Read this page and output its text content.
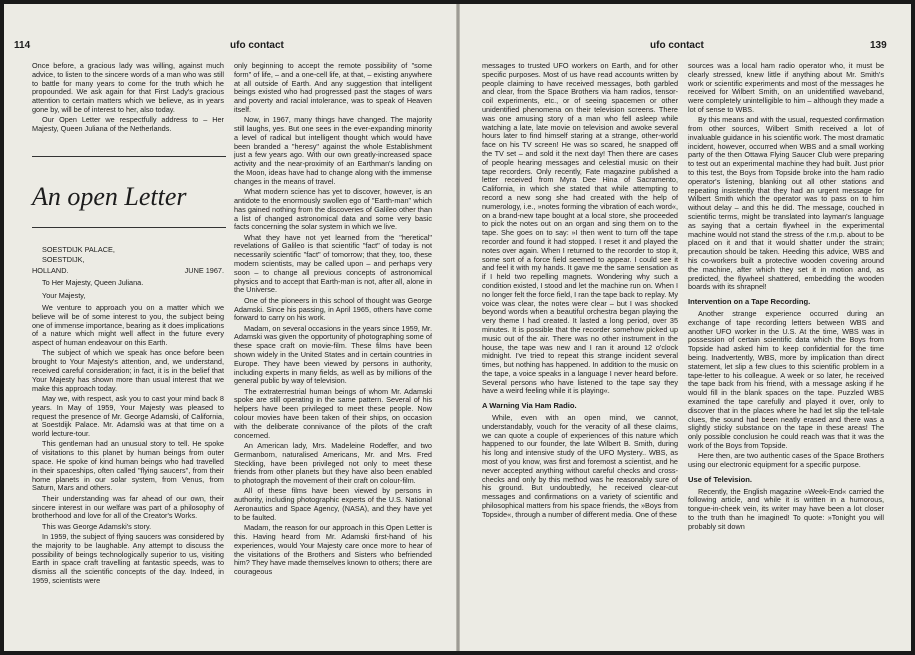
114	ufo contact

Once before, a gracious lady was willing, against much advice, to listen to the sincere words of a man who was still to battle for many years to come for the truth which he propounded. We ask again for that First Lady's gracious attention to certain matters which we believe, as in years gone by, will be of interest to her, also today.

Our Open Letter we respectfully address to – Her Majesty, Queen Juliana of the Netherlands.

An open Letter

SOESTDIJK PALACE,

SOESTDIJK,

HOLLAND.	JUNE 1967.

To Her Majesty, Queen Juliana.

Your Majesty,

We venture to approach you on a matter which we believe will be of some interest to you, the subject being one of immense importance, bearing as it does implications of a nature which might well affect in the future every aspect of human endeavour on this Earth.

The subject of which we speak has once before been brought to Your Majesty's attention, and, we understand, received careful consideration; in fact, it is in the belief that Your Majesty has shown more than usual interest that we make this approach today.

May we, with respect, ask you to cast your mind back 8 years. In May of 1959, Your Majesty was pleased to request the presence of Mr. George Adamski, of California, at Soestdijk Palace. Mr. Adamski was at that time on a world lecture-tour.

This gentleman had an unusual story to tell. He spoke of visitations to this planet by human beings from outer space. He spoke of kind human beings who had travelled in their spaceships, often called "flying saucers", from their home planets in our solar system, from Venus, from Saturn, Mars and others.

Their understanding was far ahead of our own, their sincere interest in our welfare was part of a philosophy of brotherhood and love for all of the Creator's Works.

This was George Adamski's story.

In 1959, the subject of flying saucers was considered by the majority to be laughable. Any attempt to discuss the possibility of beings technologically superior to us, visiting Earth in space craft travelling at fantastic speeds, was to dismiss all the scientific concepts of the day. Indeed, in 1959, scientists were

only beginning to accept the remote possibility of "some form" of life, – and a one-cell life, at that, – existing anywhere at all outside of Earth. And any suggestion that intelligent beings existed who had progressed past the stages of wars and poverty and racial intolerance, was to speak of Heaven itself.

Now, in 1967, many things have changed. The majority still laughs, yes. But one sees in the ever-expanding minority a level of radical but intelligent thought which would have been branded a "heresy" against the whole Establishment just a few years ago. With our own greatly-increased space activity and the near-proximity of an Earthman's landing on the Moon, ideas have had to change along with the immense changes in the means of travel.

What modern science has yet to discover, however, is an antidote to the enormously swollen ego of "Earth-man" which has gained nothing from the discoveries of Galileo other than a list of changed astronomical data and some very basic facts concerning the solar system in which we live.

What they have not yet learned from the "heretical" revelations of Galileo is that scientific "fact" of today is not necessarily scientific "fact" of tomorrow; that they, too, these modern scientists, may be called upon – and perhaps very soon – to change all previous concepts of astronomical physics and to accept that Earth-man is not, after all, alone in the Universe.

One of the pioneers in this school of thought was George Adamski. Since his passing, in April 1965, others have come forward to carry on his work.

Madam, on several occasions in the years since 1959, Mr. Adamski was given the opportunity of photographing some of these space craft on movie-film. These films have been shown widely in the United States and in certain countries in Europe. They have been viewed by persons in authority, including experts in many fields, as well as by millions of the general public by way of television.

The extraterrestrial human beings of whom Mr. Adamski spoke are still operating in the same pattern. Several of his helpers have been privileged to meet these people. Now colour movies have been taken of their ships, on occasion with the deliberate connivance of the pilots of the craft concerned.

An American lady, Mrs. Madeleine Rodeffer, and two Germanborn, naturalised Americans, Mr. and Mrs. Fred Steckling, have been privileged not only to meet these friends from other planets but they have also been enabled to photograph the movement of their craft on colour-film.

All of these films have been viewed by persons in authority, including photographic experts of the U.S. National Aeronautics and Space Agency, (NASA), and they have yet to be faulted.

Madam, the reason for our approach in this Open Letter is this. Having heard from Mr. Adamski first-hand of his experiences, would Your Majesty care once more to hear of the visitations of the Brothers and Sisters who befriended him? They have made themselves known to others; there are courageous

ufo contact	139

messages to trusted UFO workers on Earth, and for other specific purposes. Most of us have read accounts written by people claiming to have received messages, both garbled and clear, from the Space Brothers via ham radios, tensor-coil experiments, etc., or of seeing spacemen or other unidentified phenomena on their television screens. There was one amusing story of a man who fell asleep while watching a late, late movie on television and awoke several hours later to find himself staring at a strange, other-world face on his TV screen! He was so scared, he snapped off the TV set – and sold it the next day! Then there are cases of people hearing messages and celestial music on their tape recorders. Only recently, Fate magazine published a letter received from Myra Dee Hina of Sacramento, California, in which she stated that while attempting to record a new song she had created with the help of numerology, i.e., »notes forming the vibration of each word«, on a brand-new tape bought at a local store, she proceeded to pick the notes out on an organ and sing them on to the tape. She goes on to say: »I then went to turn off the tape recorder and found it had stopped. I reset it and played the notes over again. When I returned to the recorder to stop it, some sort of a force field seemed to appear. I could see it and feel it with my hands. It gave me the same sensation as if I held two repelling magnets. Wondering why such a condition existed, I stood and let the machine run on. When I no longer felt the force field, I ran the tape back to replay. My voice was clear, the notes were clear – but I was shocked beyond words when a beautiful orchestra began playing the very theme I had created. It lasted a long period, over 35 minutes. It is possible that the recorder somehow picked up music out of the air. There was no other instrument in the house, the tape was new and I ran it around 12 o'clock midnight. I've tried to repeat this strange incident several times, but nothing has happened. In addition to the music on the tape, a voice speaks in a language I never heard before. Several persons who have listened to the tape say they have a weird feeling while it is playing«.

A Warning Via Ham Radio.

While, even with an open mind, we cannot, understandably, vouch for the veracity of all these claims, we can quote a couple of experiences of this nature which happened to our founder, the late Wilbert B. Smith, during his long and intensive study of the UFO Mystery.. WBS, as most of you know, was first and foremost a scientist, and he never accepted anything without careful checks and cross-checks and only by this method was he reasonably sure of his ground. But undoubtedly, he received clear-cut messages and confirmations on a variety of scientific and philosophical matters from his space friends, the »Boys from Topside«, through a number of different media. One of these

sources was a local ham radio operator who, it must be clearly stressed, knew little if anything about Mr. Smith's work or scientific experiments and most of the messages he received for Wilbert Smith, on an unidentified waveband, were completely unintelligible to him – although they made a lot of sense to WBS.

By this means and with the usual, requested confirmation from other sources, Wilbert Smith received a lot of invaluable guidance in his scientific work. The most dramatic incident, however, occurred when WBS and a small working party of the then Ottawa Flying Saucer Club were preparing to test out an experimental machine they had built. Just prior to this test, the Boys from Topside broke into the ham radio operator's listening, blanking out all other stations and repeating insistently that they had an urgent message for Wilbert Smith which the operator was to pass on to him without delay – and this he did. The message, couched in scientific terms, might be translated into layman's language as saying that a certain flywheel in the experimental machine would not stand the stress of the r.m.p. about to be placed on it and that it would shatter under the strain; precaution should be taken. Heeding this advice, WBS and his co-workers built a protective wooden covering around the machine, after which they set it in motion and, as predicted, the flywheel shattered, embedding the wooden boards with its shrapnel!

Intervention on a Tape Recording.

Another strange experience occurred during an exchange of tape recording letters between WBS and another UFO worker in the U.S. At the time, WBS was in possession of certain scientific data which the Boys from Topside had asked him to keep confidential for the time being. Inadvertently, WBS, more by implication than direct statement, let slip a few clues to this scientific problem in a tape-letter to his colleague. A week or so later, he received the tape back from his friend, with a message asking if he would fill in the blank spaces on the tape. Puzzled WBS examined the tape carefully and played it over, only to discover that in the places where he had let slip the tell-tale clues, the sound had been neatly erased and there was a slightly sticky substance on the tape in these areas! The only possible conclusion he could reach was that it was the work of the Boys from Topside.

Here then, are two authentic cases of the Space Brothers using our electronic equipment for a specific purpose.

Use of Television.

Recently, the English magazine »Week-End« carried the following article, and while it is written in a humorous, tongue-in-cheek vein, its writer may have been a lot closer to the truth than he imagined! To quote: »Tonight you will probably sit down
